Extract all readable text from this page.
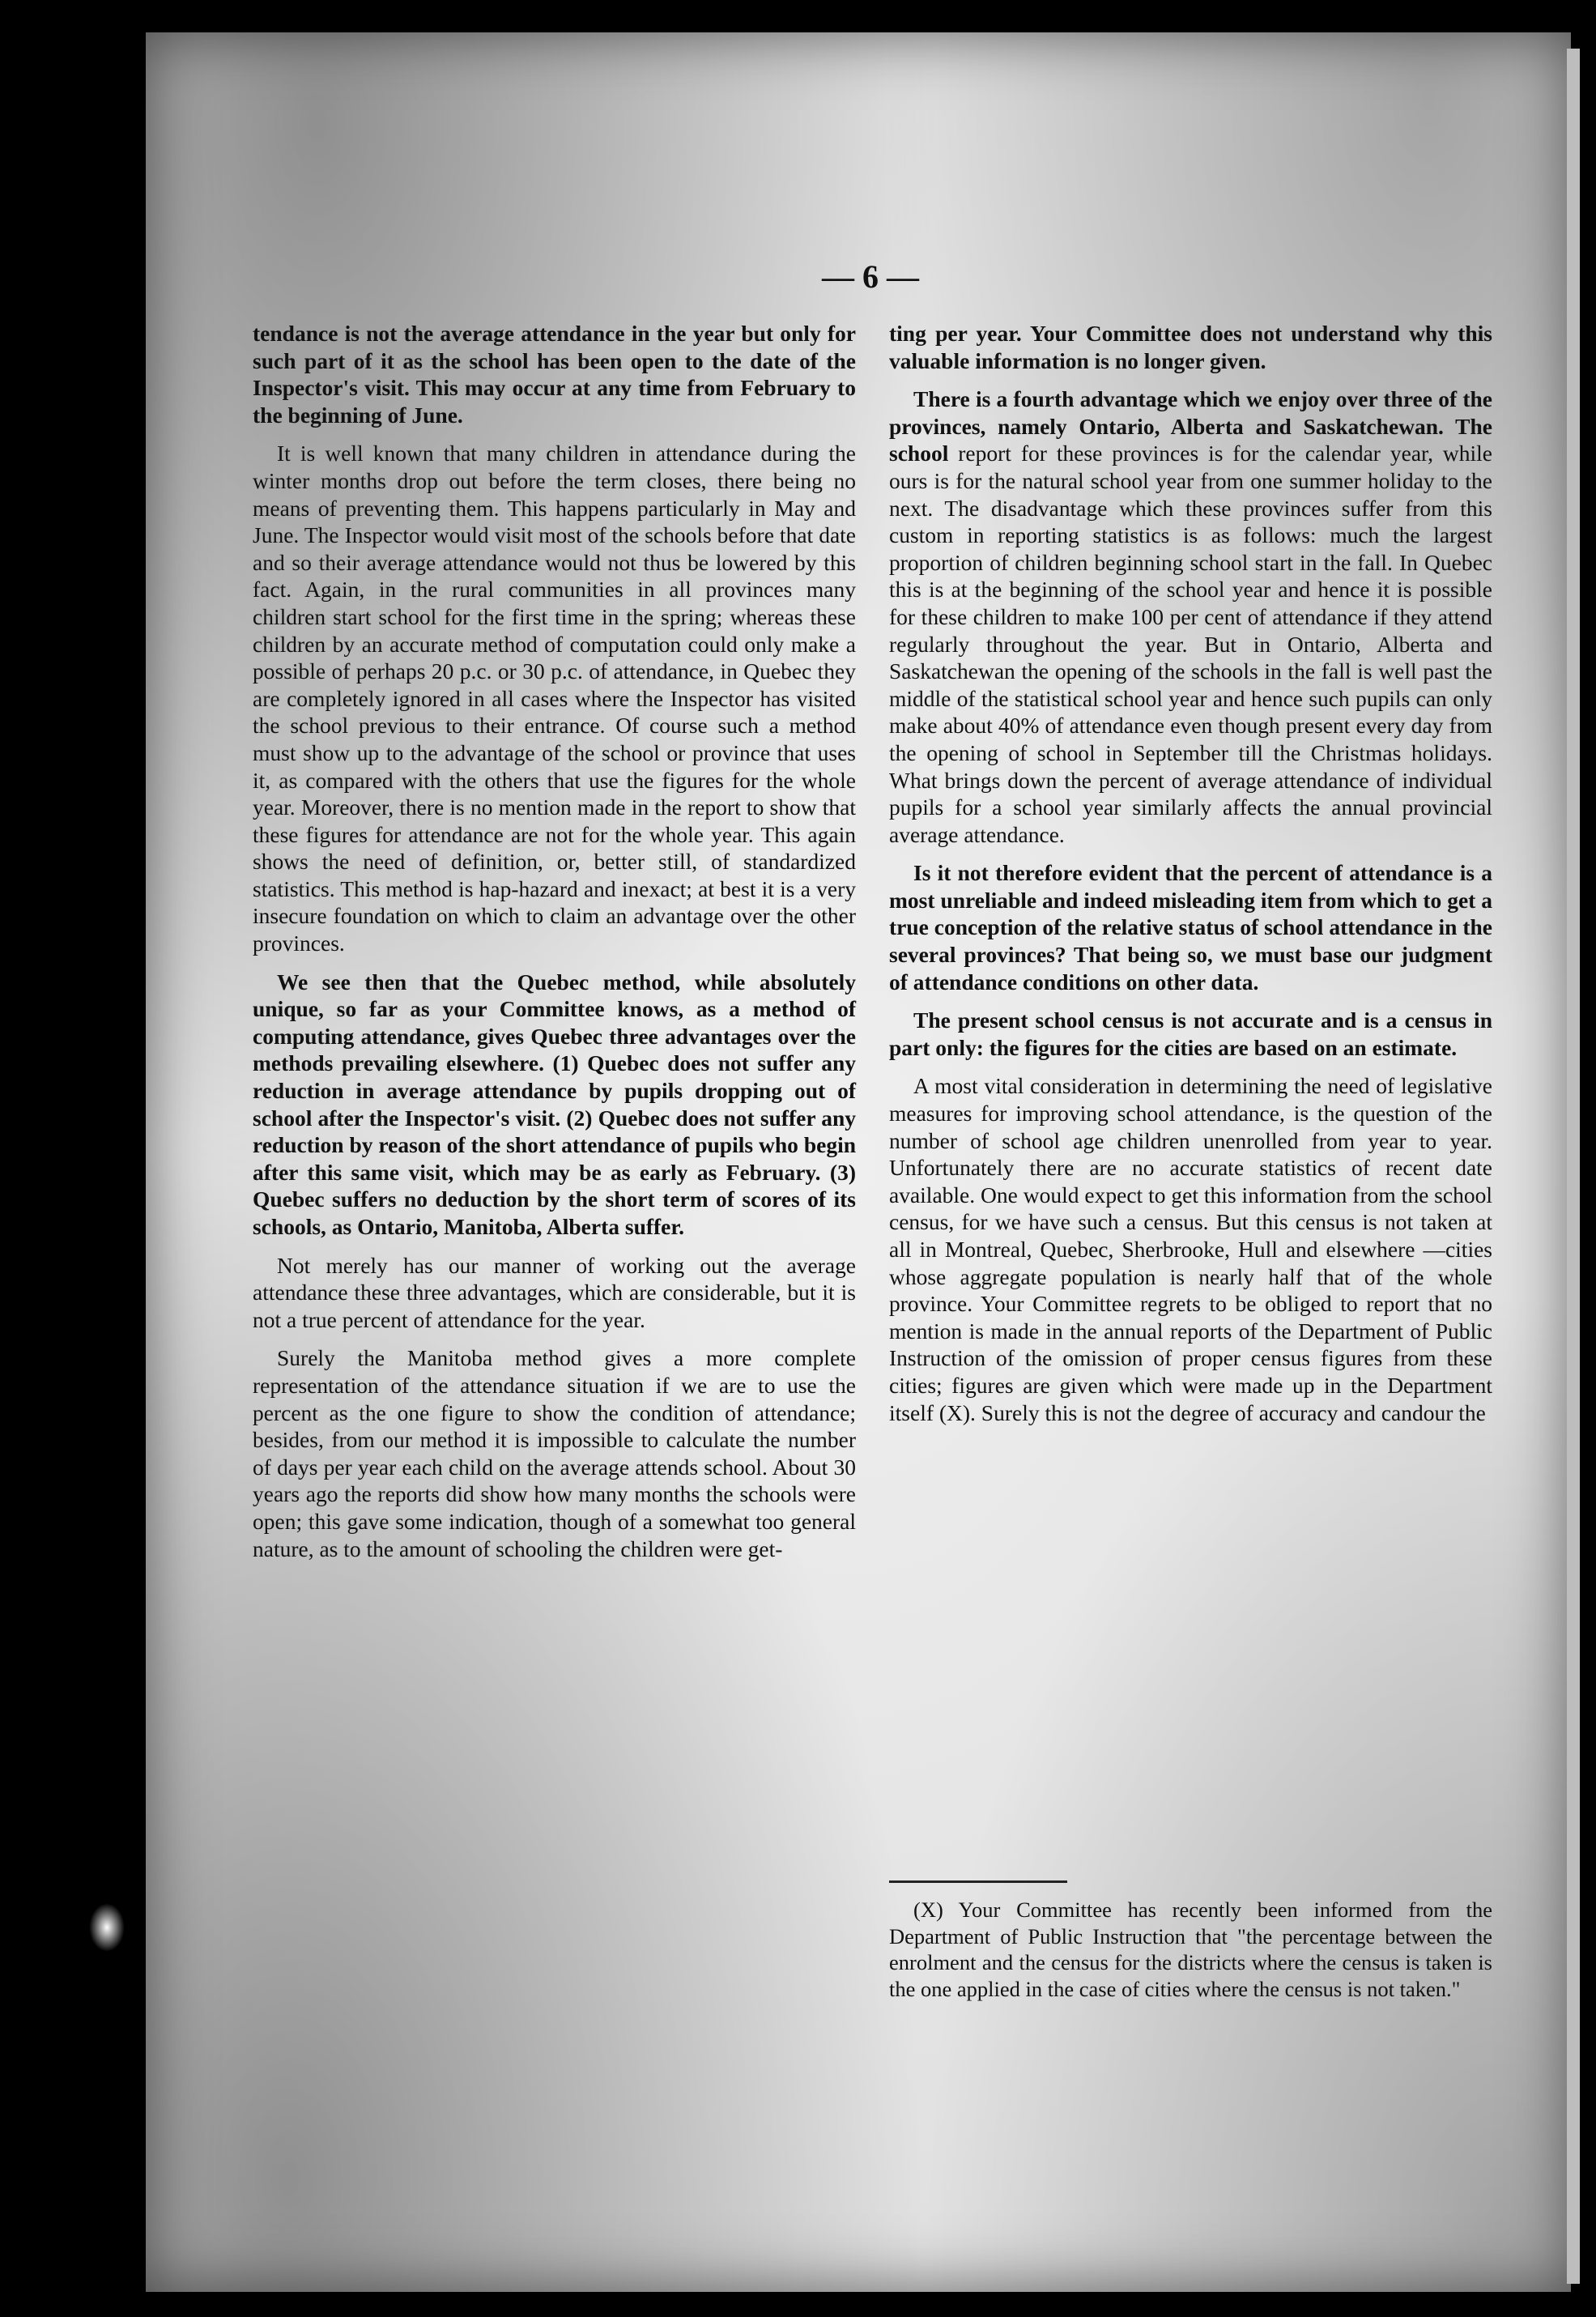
— 6 —

tendance is not the average attendance in the year but only for such part of it as the school has been open to the date of the Inspector's visit. This may occur at any time from February to the beginning of June.

It is well known that many children in attendance during the winter months drop out before the term closes, there being no means of preventing them. This happens particularly in May and June. The Inspector would visit most of the schools before that date and so their average attendance would not thus be lowered by this fact. Again, in the rural communities in all provinces many children start school for the first time in the spring; whereas these children by an accurate method of computation could only make a possible of perhaps 20 p.c. or 30 p.c. of attendance, in Quebec they are completely ignored in all cases where the Inspector has visited the school previous to their entrance. Of course such a method must show up to the advantage of the school or province that uses it, as compared with the others that use the figures for the whole year. Moreover, there is no mention made in the report to show that these figures for attendance are not for the whole year. This again shows the need of definition, or, better still, of standardized statistics. This method is hap-hazard and inexact; at best it is a very insecure foundation on which to claim an advantage over the other provinces.

We see then that the Quebec method, while absolutely unique, so far as your Committee knows, as a method of computing attendance, gives Quebec three advantages over the methods prevailing elsewhere. (1) Quebec does not suffer any reduction in average attendance by pupils dropping out of school after the Inspector's visit. (2) Quebec does not suffer any reduction by reason of the short attendance of pupils who begin after this same visit, which may be as early as February. (3) Quebec suffers no deduction by the short term of scores of its schools, as Ontario, Manitoba, Alberta suffer.

Not merely has our manner of working out the average attendance these three advantages, which are considerable, but it is not a true percent of attendance for the year.

Surely the Manitoba method gives a more complete representation of the attendance situation if we are to use the percent as the one figure to show the condition of attendance; besides, from our method it is impossible to calculate the number of days per year each child on the average attends school. About 30 years ago the reports did show how many months the schools were open; this gave some indication, though of a somewhat too general nature, as to the amount of schooling the children were get-

ting per year. Your Committee does not understand why this valuable information is no longer given.

There is a fourth advantage which we enjoy over three of the provinces, namely Ontario, Alberta and Saskatchewan. The school report for these provinces is for the calendar year, while ours is for the natural school year from one summer holiday to the next. The disadvantage which these provinces suffer from this custom in reporting statistics is as follows: much the largest proportion of children beginning school start in the fall. In Quebec this is at the beginning of the school year and hence it is possible for these children to make 100 per cent of attendance if they attend regularly throughout the year. But in Ontario, Alberta and Saskatchewan the opening of the schools in the fall is well past the middle of the statistical school year and hence such pupils can only make about 40% of attendance even though present every day from the opening of school in September till the Christmas holidays. What brings down the percent of average attendance of individual pupils for a school year similarly affects the annual provincial average attendance.

Is it not therefore evident that the percent of attendance is a most unreliable and indeed misleading item from which to get a true conception of the relative status of school attendance in the several provinces? That being so, we must base our judgment of attendance conditions on other data.

The present school census is not accurate and is a census in part only: the figures for the cities are based on an estimate.

A most vital consideration in determining the need of legislative measures for improving school attendance, is the question of the number of school age children unenrolled from year to year. Unfortunately there are no accurate statistics of recent date available. One would expect to get this information from the school census, for we have such a census. But this census is not taken at all in Montreal, Quebec, Sherbrooke, Hull and elsewhere —cities whose aggregate population is nearly half that of the whole province. Your Committee regrets to be obliged to report that no mention is made in the annual reports of the Department of Public Instruction of the omission of proper census figures from these cities; figures are given which were made up in the Department itself (X). Surely this is not the degree of accuracy and candour the

(X) Your Committee has recently been informed from the Department of Public Instruction that "the percentage between the enrolment and the census for the districts where the census is taken is the one applied in the case of cities where the census is not taken."
